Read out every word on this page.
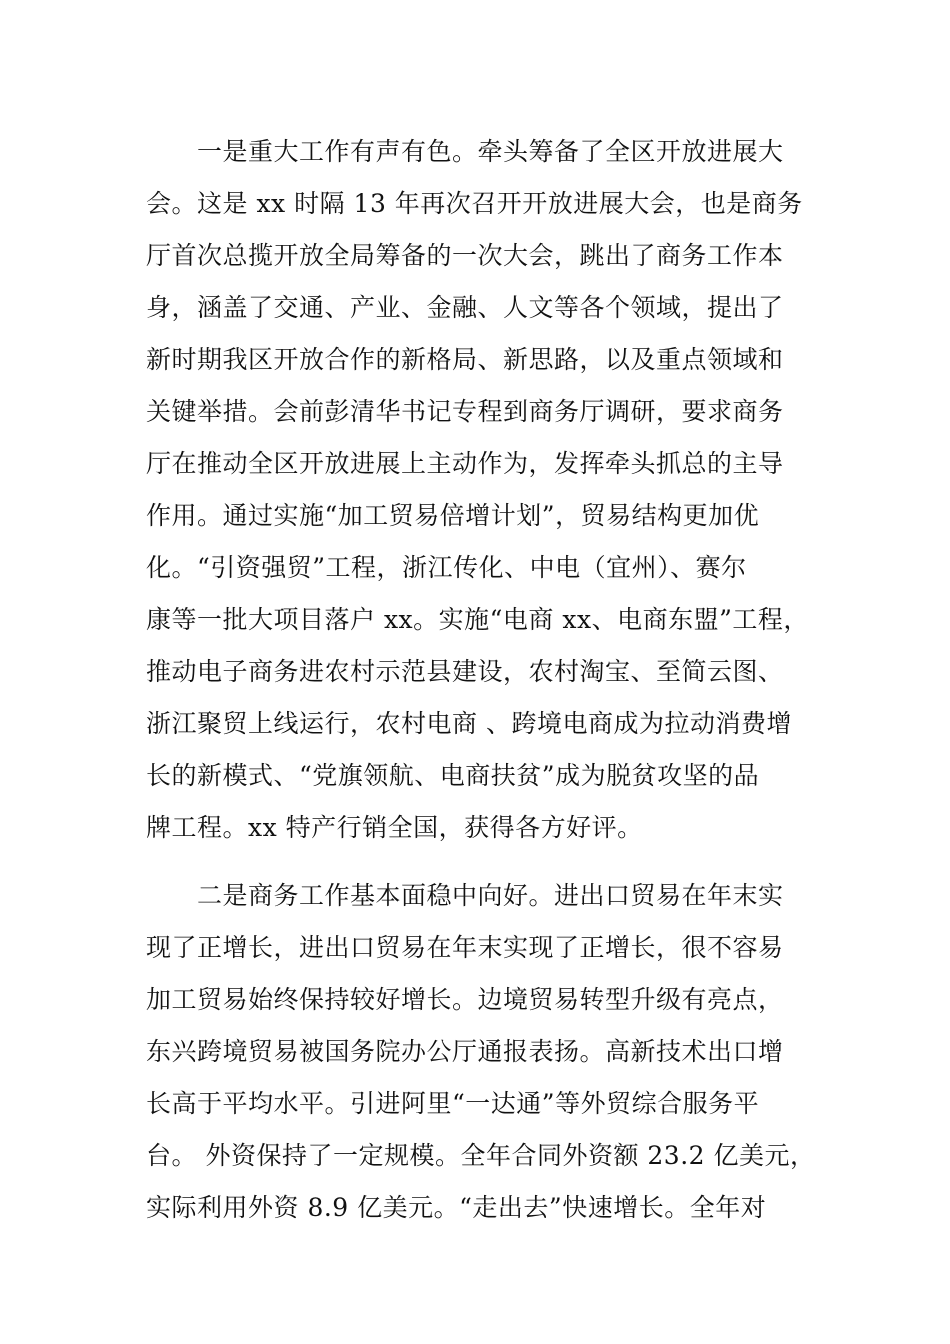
　　一是重大工作有声有色。牵头筹备了全区开放进展大
会。这是 xx 时隔 13 年再次召开开放进展大会，也是商务
厅首次总揽开放全局筹备的一次大会，跳出了商务工作本
身，涵盖了交通、产业、金融、人文等各个领域，提出了
新时期我区开放合作的新格局、新思路，以及重点领域和
关键举措。会前彭清华书记专程到商务厅调研，要求商务
厅在推动全区开放进展上主动作为，发挥牵头抓总的主导
作用。通过实施“加工贸易倍增计划”，贸易结构更加优
化。“引资强贸”工程，浙江传化、中电（宜州）、赛尔
康等一批大项目落户 xx。实施“电商 xx、电商东盟”工程，
推动电子商务进农村示范县建设，农村淘宝、至简云图、
浙江聚贸上线运行，农村电商 、跨境电商成为拉动消费增
长的新模式、“党旗领航、电商扶贫”成为脱贫攻坚的品
牌工程。xx 特产行销全国，获得各方好评。
　　二是商务工作基本面稳中向好。进出口贸易在年末实
现了正增长，进出口贸易在年末实现了正增长，很不容易
加工贸易始终保持较好增长。边境贸易转型升级有亮点，
东兴跨境贸易被国务院办公厅通报表扬。高新技术出口增
长高于平均水平。引进阿里“一达通”等外贸综合服务平
台。 外资保持了一定规模。全年合同外资额 23.2 亿美元，
实际利用外资 8.9 亿美元。“走出去”快速增长。全年对
